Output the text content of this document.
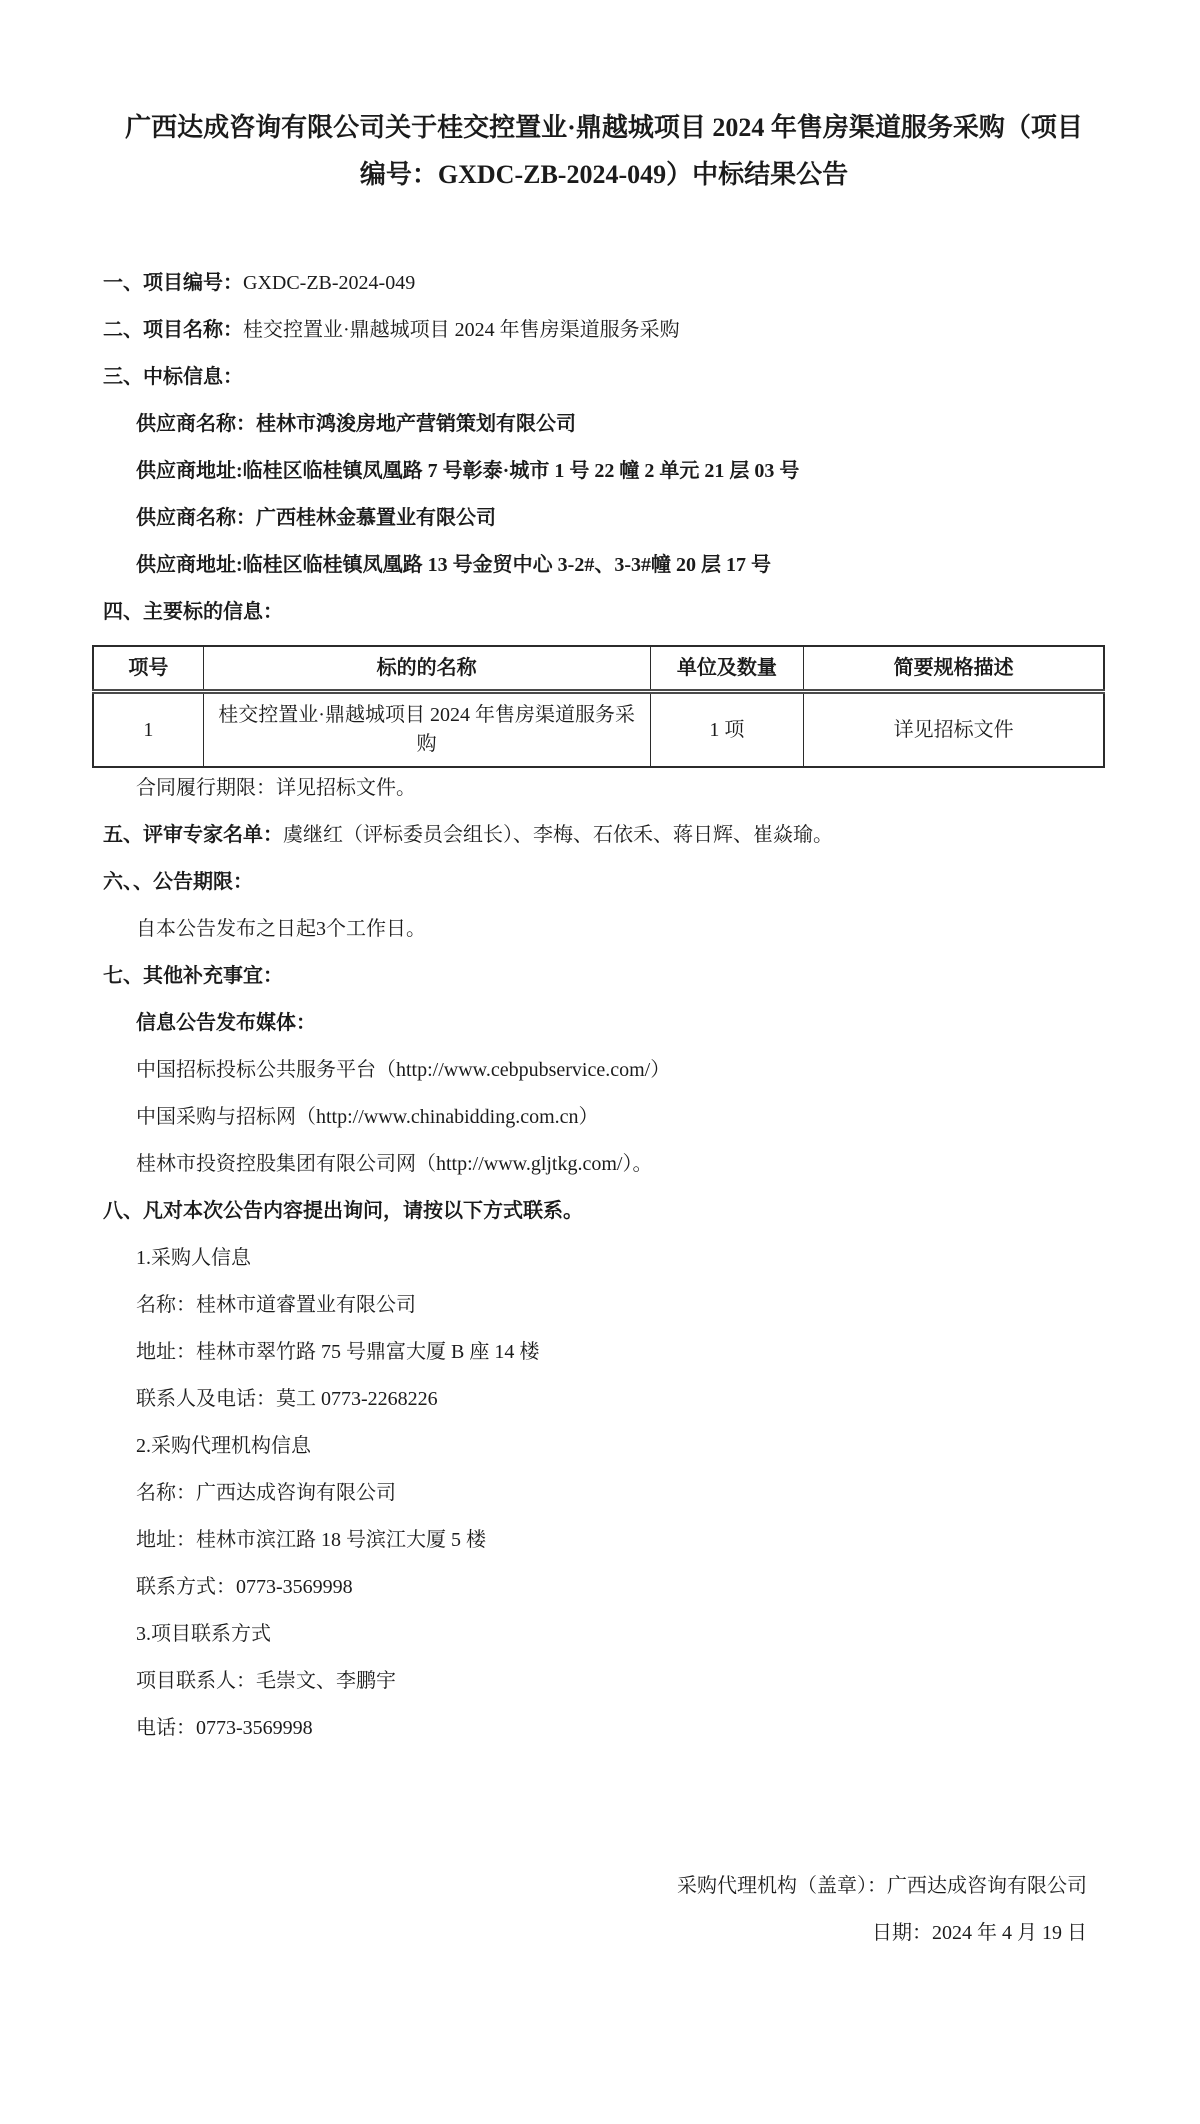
广西达成咨询有限公司关于桂交控置业·鼎越城项目 2024 年售房渠道服务采购（项目
编号：GXDC-ZB-2024-049）中标结果公告

一、项目编号：GXDC-ZB-2024-049

二、项目名称：桂交控置业·鼎越城项目 2024 年售房渠道服务采购

三、中标信息：

供应商名称：桂林市鸿浚房地产营销策划有限公司

供应商地址:临桂区临桂镇凤凰路 7 号彰泰·城市 1 号 22 幢 2 单元 21 层 03 号

供应商名称：广西桂林金慕置业有限公司

供应商地址:临桂区临桂镇凤凰路 13 号金贸中心 3-2#、3-3#幢 20 层 17 号

四、主要标的信息：

项号	标的的名称	单位及数量	简要规格描述
1	桂交控置业·鼎越城项目 2024 年售房渠道服务采购	1 项	详见招标文件

合同履行期限：详见招标文件。

五、评审专家名单：虞继红（评标委员会组长）、李梅、石依禾、蒋日辉、崔焱瑜。

六、、公告期限：

自本公告发布之日起3个工作日。

七、其他补充事宜：

信息公告发布媒体：

中国招标投标公共服务平台（http://www.cebpubservice.com/）

中国采购与招标网（http://www.chinabidding.com.cn）

桂林市投资控股集团有限公司网（http://www.gljtkg.com/）。

八、凡对本次公告内容提出询问，请按以下方式联系。

1.采购人信息

名称：桂林市道睿置业有限公司

地址：桂林市翠竹路 75 号鼎富大厦 B 座 14 楼

联系人及电话：莫工 0773-2268226

2.采购代理机构信息

名称：广西达成咨询有限公司

地址：桂林市滨江路 18 号滨江大厦 5 楼

联系方式：0773-3569998

3.项目联系方式

项目联系人：毛崇文、李鹏宇

电话：0773-3569998

采购代理机构（盖章）：广西达成咨询有限公司

日期：2024 年 4 月 19 日
